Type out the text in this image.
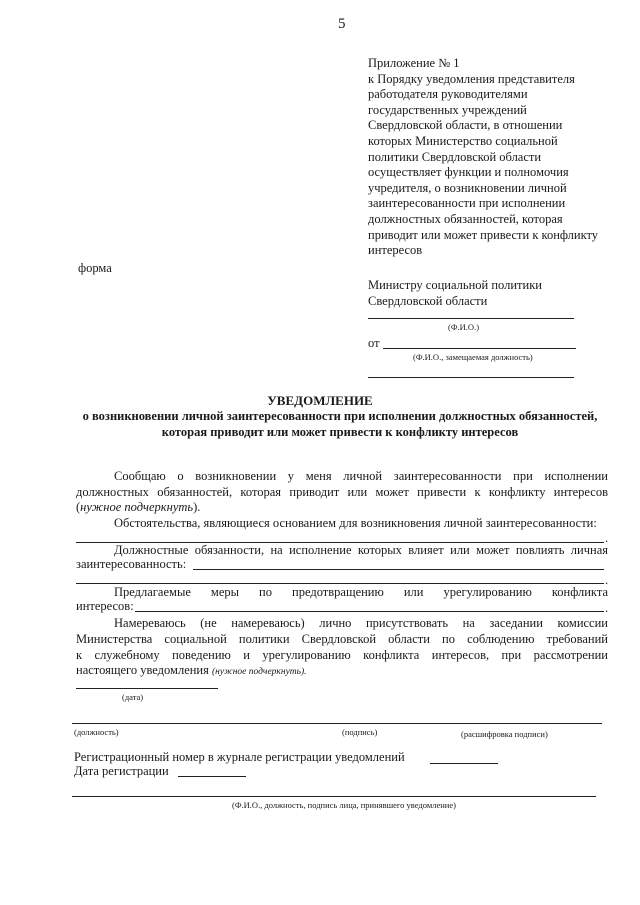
5
Приложение № 1
к Порядку уведомления представителя
работодателя руководителями
государственных учреждений
Свердловской области, в отношении
которых Министерство социальной
политики Свердловской области
осуществляет функции и полномочия
учредителя, о возникновении личной
заинтересованности при исполнении
должностных обязанностей, которая
приводит или может привести к конфликту
интересов
форма
Министру социальной политики
Свердловской области
(Ф.И.О.)
от
(Ф.И.О., замещаемая должность)
УВЕДОМЛЕНИЕ
о возникновении личной заинтересованности при исполнении должностных обязанностей,
которая приводит или может привести к конфликту интересов
Сообщаю о возникновении у меня личной заинтересованности при исполнении
должностных обязанностей, которая приводит или может привести к конфликту интересов
(нужное подчеркнуть).
Обстоятельства, являющиеся основанием для возникновения личной заинтересованности:
.
Должностные обязанности, на исполнение которых влияет или может повлиять личная
заинтересованность:
.
Предлагаемые меры по предотвращению или урегулированию конфликта
интересов:	.
Намереваюсь (не намереваюсь) лично присутствовать на заседании комиссии
Министерства социальной политики Свердловской области по соблюдению требований
к служебному поведению и урегулированию конфликта интересов, при рассмотрении
настоящего уведомления (нужное подчеркнуть).
(дата)
(должность)	(подпись)	(расшифровка подписи)
Регистрационный номер в журнале регистрации уведомлений
Дата регистрации
(Ф.И.О., должность, подпись лица, принявшего уведомление)
